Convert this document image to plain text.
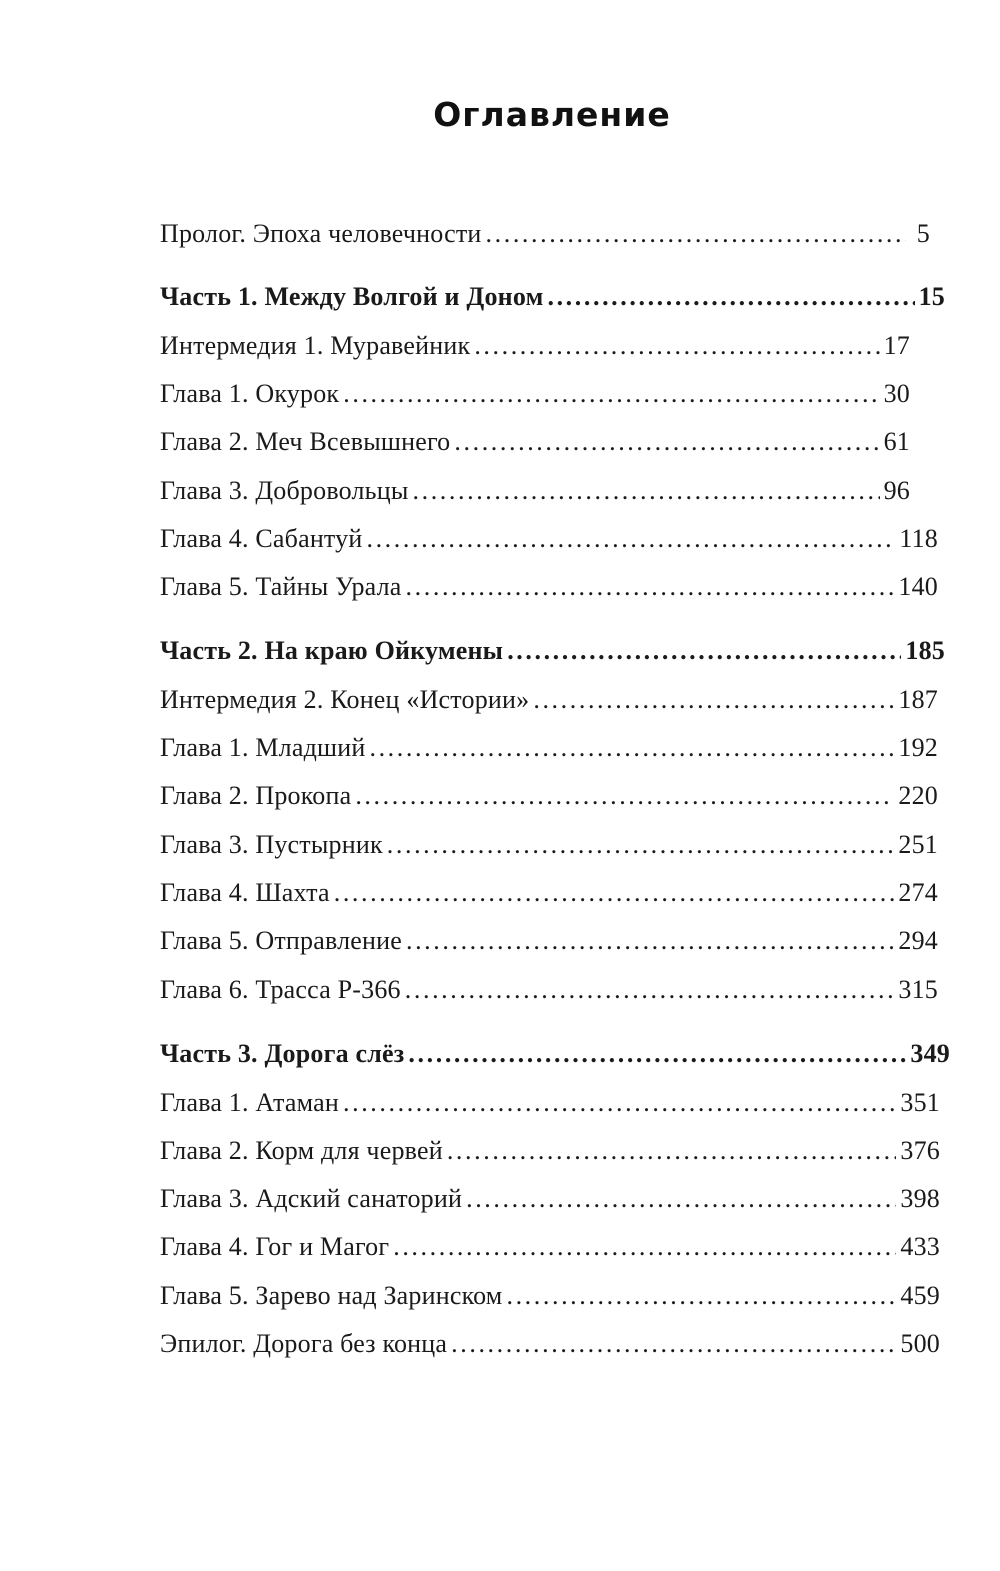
Оглавление
Пролог. Эпоха человечности .....	5
Часть 1. Между Волгой и Доном .....	15
Интермедия 1. Муравейник .....	17
Глава 1. Окурок .....	30
Глава 2. Меч Всевышнего .....	61
Глава 3. Добровольцы .....	96
Глава 4. Сабантуй .....	118
Глава 5. Тайны Урала .....	140
Часть 2. На краю Ойкумены .....	185
Интермедия 2. Конец «Истории» .....	187
Глава 1. Младший .....	192
Глава 2. Прокопа .....	220
Глава 3. Пустырник .....	251
Глава 4. Шахта .....	274
Глава 5. Отправление .....	294
Глава 6. Трасса Р-366 .....	315
Часть 3. Дорога слёз .....	349
Глава 1. Атаман .....	351
Глава 2. Корм для червей .....	376
Глава 3. Адский санаторий .....	398
Глава 4. Гог и Магог .....	433
Глава 5. Зарево над Заринском .....	459
Эпилог. Дорога без конца .....	500
